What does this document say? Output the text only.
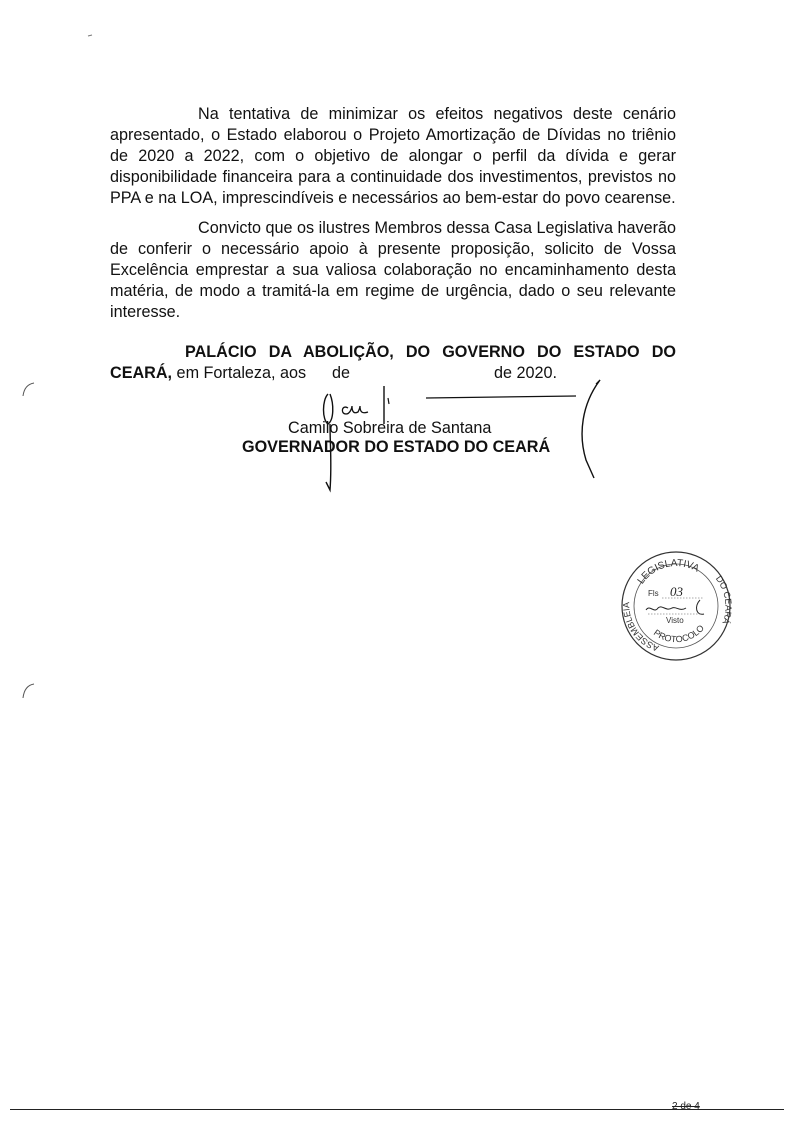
Na tentativa de minimizar os efeitos negativos deste cenário apresentado, o Estado elaborou o Projeto Amortização de Dívidas no triênio de 2020 a 2022, com o objetivo de alongar o perfil da dívida e gerar disponibilidade financeira para a continuidade dos investimentos, previstos no PPA e na LOA, imprescindíveis e necessários ao bem-estar do povo cearense.

Convicto que os ilustres Membros dessa Casa Legislativa haverão de conferir o necessário apoio à presente proposição, solicito de Vossa Excelência emprestar a sua valiosa colaboração no encaminhamento desta matéria, de modo a tramitá-la em regime de urgência, dado o seu relevante interesse.

PALÁCIO DA ABOLIÇÃO, DO GOVERNO DO ESTADO DO
CEARÁ, em Fortaleza, aos de	de 2020.
Camilo Sobreira de Santana
GOVERNADOR DO ESTADO DO CEARÁ
LEGISLATIVA
ASSEMBLEIA
DO CEARÁ
PROTOCOLO
Fls 03
Visto
2 de 4
